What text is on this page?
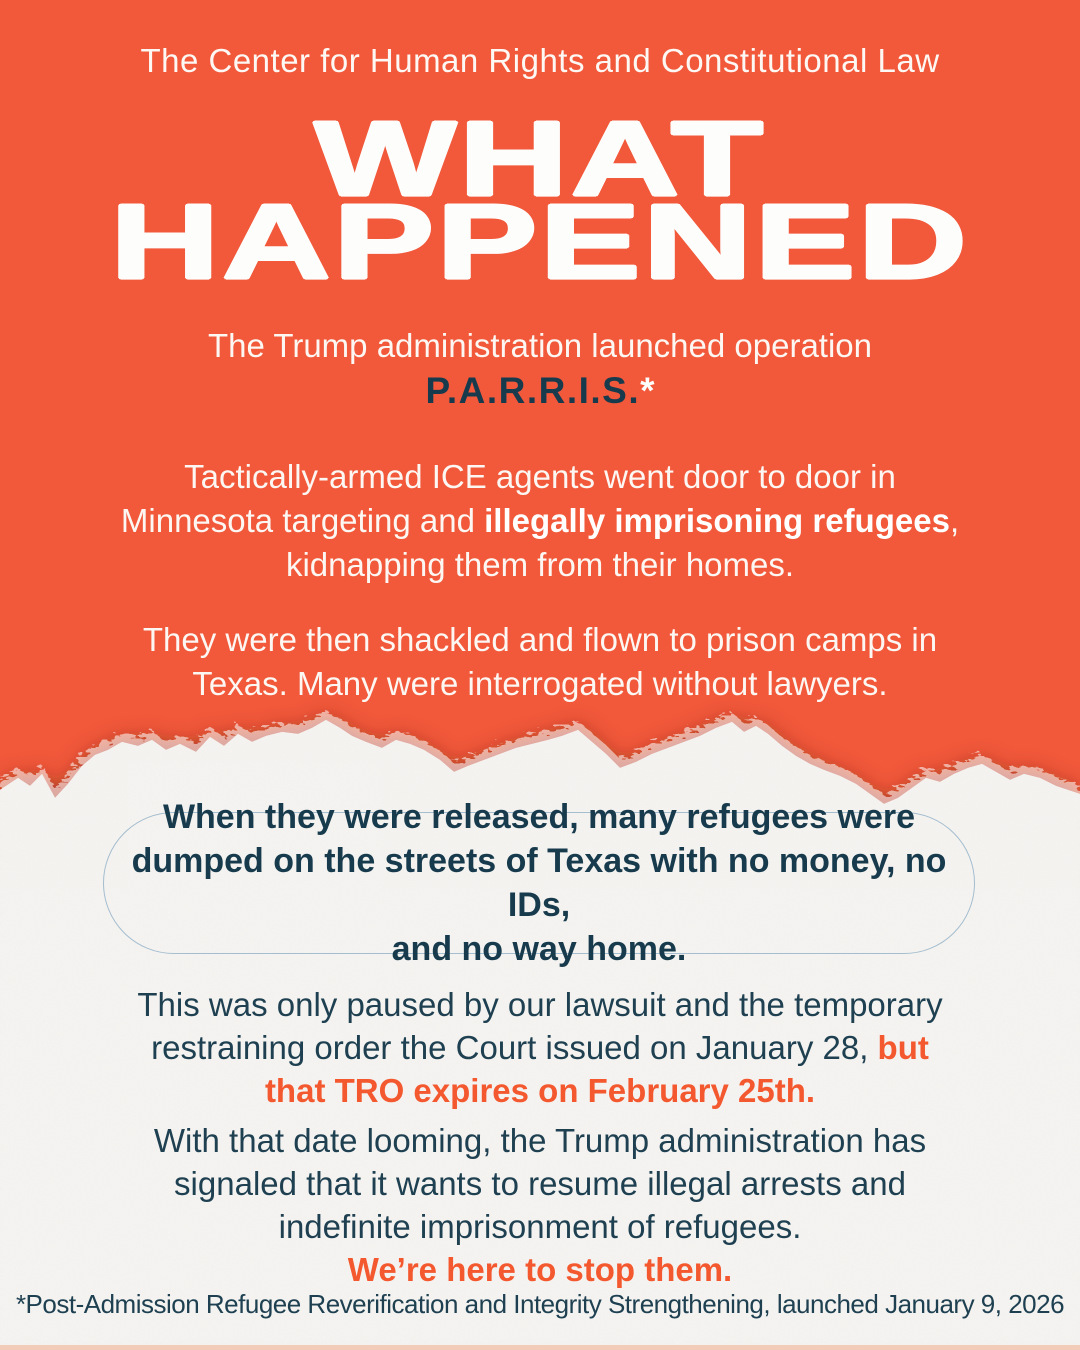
The Center for Human Rights and Constitutional Law
WHAT
HAPPENED
The Trump administration launched operation
P.A.R.R.I.S.*
Tactically-armed ICE agents went door to door in
Minnesota targeting and illegally imprisoning refugees,
kidnapping them from their homes.
They were then shackled and flown to prison camps in
Texas. Many were interrogated without lawyers.
When they were released, many refugees were
dumped on the streets of Texas with no money, no IDs,
and no way home.
This was only paused by our lawsuit and the temporary
restraining order the Court issued on January 28, but
that TRO expires on February 25th.
With that date looming, the Trump administration has
signaled that it wants to resume illegal arrests and
indefinite imprisonment of refugees.
We’re here to stop them.
*Post-Admission Refugee Reverification and Integrity Strengthening, launched January 9, 2026
